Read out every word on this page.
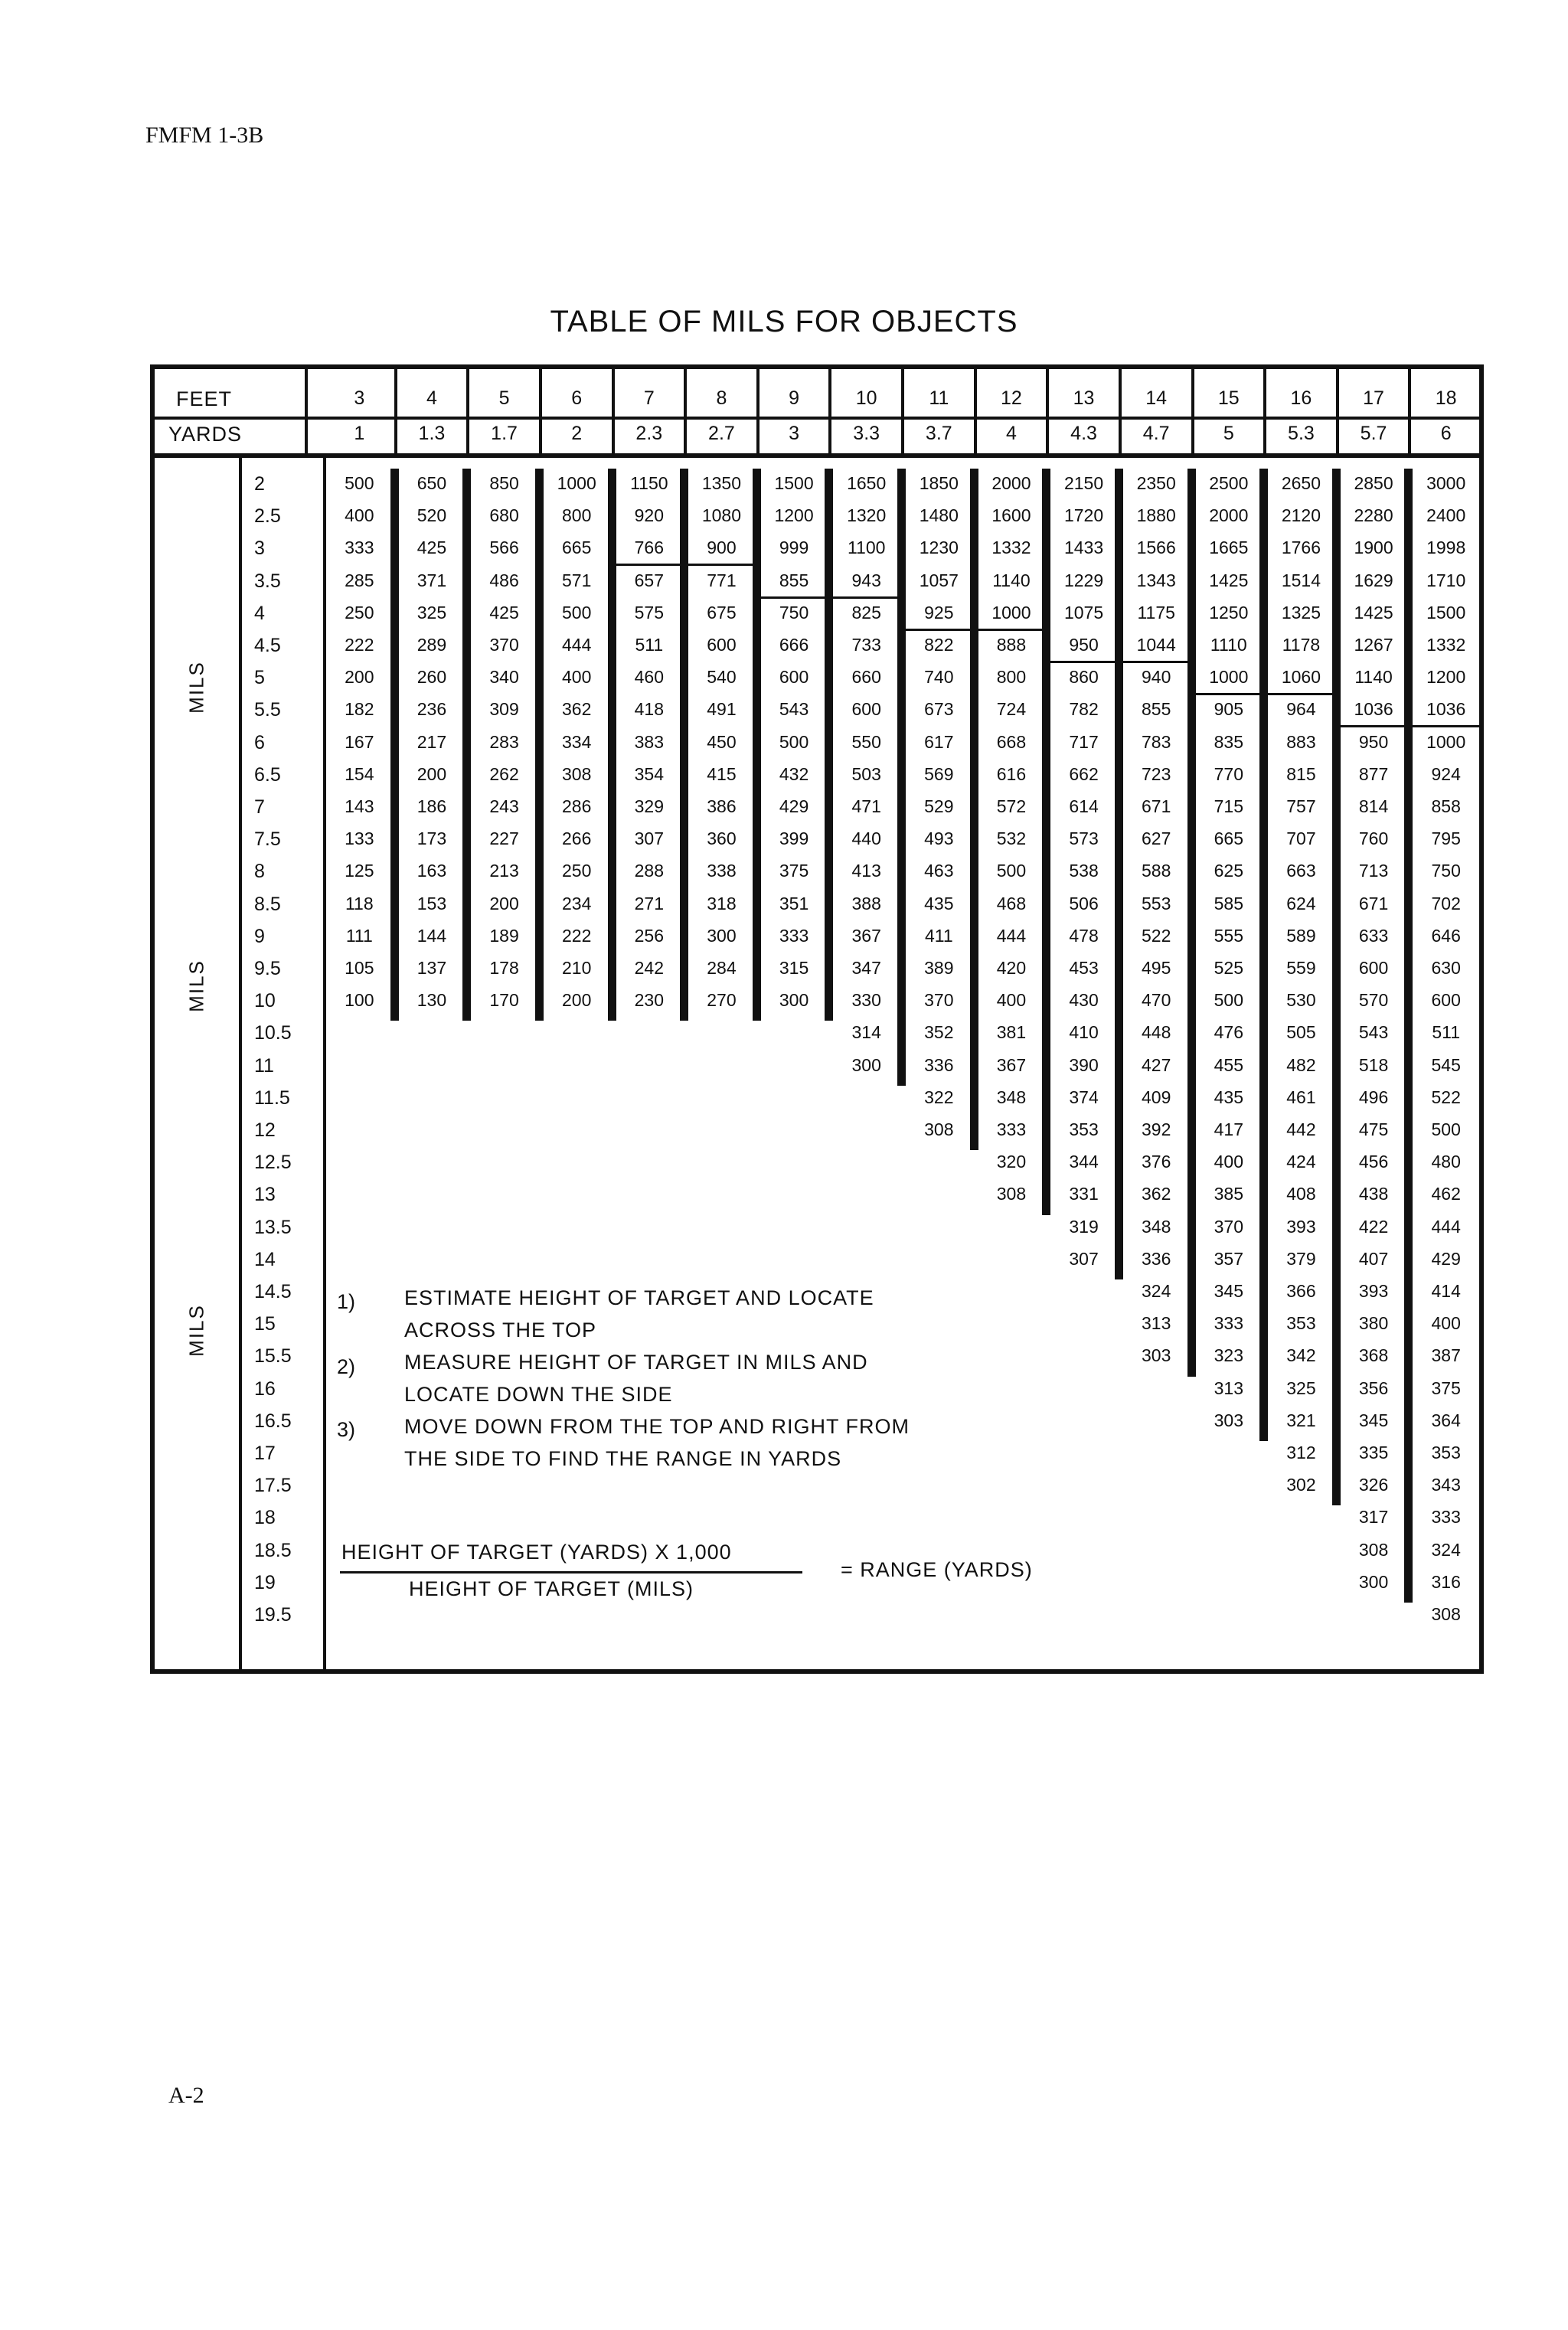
FMFM 1-3B
TABLE OF MILS FOR OBJECTS
FEET
YARDS
3
1
4
1.3
5
1.7
6
2
7
2.3
8
2.7
9
3
10
3.3
11
3.7
12
4
13
4.3
14
4.7
15
5
16
5.3
17
5.7
18
6
2
2.5
3
3.5
4
4.5
5
5.5
6
6.5
7
7.5
8
8.5
9
9.5
10
10.5
11
11.5
12
12.5
13
13.5
14
14.5
15
15.5
16
16.5
17
17.5
18
18.5
19
19.5
500
400
333
285
250
222
200
182
167
154
143
133
125
118
111
105
100
650
520
425
371
325
289
260
236
217
200
186
173
163
153
144
137
130
850
680
566
486
425
370
340
309
283
262
243
227
213
200
189
178
170
1000
800
665
571
500
444
400
362
334
308
286
266
250
234
222
210
200
1150
920
766
657
575
511
460
418
383
354
329
307
288
271
256
242
230
1350
1080
900
771
675
600
540
491
450
415
386
360
338
318
300
284
270
1500
1200
999
855
750
666
600
543
500
432
429
399
375
351
333
315
300
1650
1320
1100
943
825
733
660
600
550
503
471
440
413
388
367
347
330
314
300
1850
1480
1230
1057
925
822
740
673
617
569
529
493
463
435
411
389
370
352
336
322
308
2000
1600
1332
1140
1000
888
800
724
668
616
572
532
500
468
444
420
400
381
367
348
333
320
308
2150
1720
1433
1229
1075
950
860
782
717
662
614
573
538
506
478
453
430
410
390
374
353
344
331
319
307
2350
1880
1566
1343
1175
1044
940
855
783
723
671
627
588
553
522
495
470
448
427
409
392
376
362
348
336
324
313
303
2500
2000
1665
1425
1250
1110
1000
905
835
770
715
665
625
585
555
525
500
476
455
435
417
400
385
370
357
345
333
323
313
303
2650
2120
1766
1514
1325
1178
1060
964
883
815
757
707
663
624
589
559
530
505
482
461
442
424
408
393
379
366
353
342
325
321
312
302
2850
2280
1900
1629
1425
1267
1140
1036
950
877
814
760
713
671
633
600
570
543
518
496
475
456
438
422
407
393
380
368
356
345
335
326
317
308
300
3000
2400
1998
1710
1500
1332
1200
1036
1000
924
858
795
750
702
646
630
600
511
545
522
500
480
462
444
429
414
400
387
375
364
353
343
333
324
316
308
MILS
MILS
MILS
1) ESTIMATE HEIGHT OF TARGET AND LOCATE
ACROSS THE TOP
2) MEASURE HEIGHT OF TARGET IN MILS AND
LOCATE DOWN THE SIDE
3) MOVE DOWN FROM THE TOP AND RIGHT FROM
THE SIDE TO FIND THE RANGE IN YARDS
HEIGHT OF TARGET (YARDS) X 1,000
HEIGHT OF TARGET (MILS)
= RANGE (YARDS)
A-2
